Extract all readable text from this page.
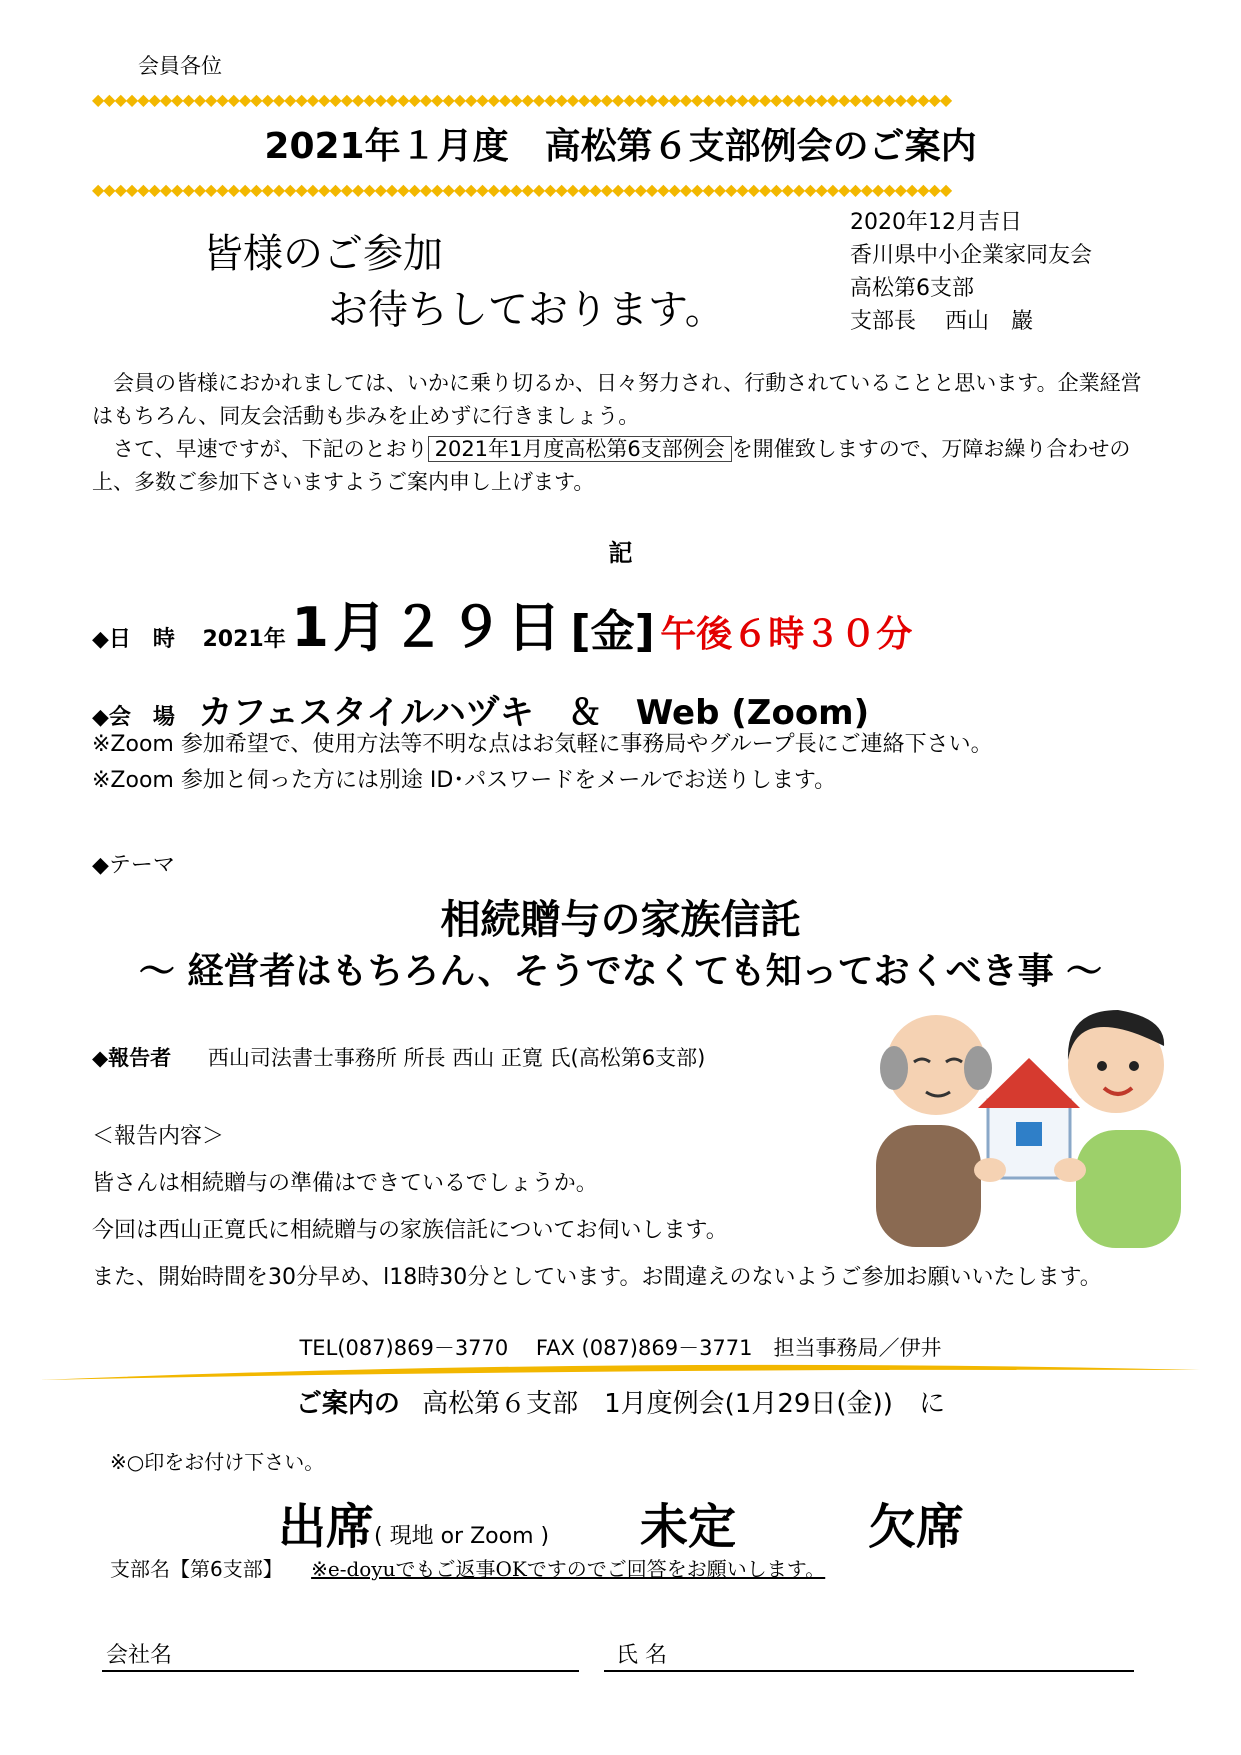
会員各位
◆◆◆◆◆◆◆◆◆◆◆◆◆◆◆◆◆◆◆◆◆◆◆◆◆◆◆◆◆◆◆◆◆◆◆◆◆◆◆◆◆◆◆◆◆◆◆◆◆◆◆◆◆◆◆◆◆◆◆◆◆◆◆◆◆◆◆◆◆◆◆◆◆◆◆◆
2021年１月度　高松第６支部例会のご案内
◆◆◆◆◆◆◆◆◆◆◆◆◆◆◆◆◆◆◆◆◆◆◆◆◆◆◆◆◆◆◆◆◆◆◆◆◆◆◆◆◆◆◆◆◆◆◆◆◆◆◆◆◆◆◆◆◆◆◆◆◆◆◆◆◆◆◆◆◆◆◆◆◆◆◆◆
皆様のご参加
お待ちしております。
2020年12月吉日
香川県中小企業家同友会
高松第6支部
支部長　 西山　巖
会員の皆様におかれましては、いかに乗り切るか、日々努力され、行動されていることと思います。企業経営はもちろん、同友会活動も歩みを止めずに行きましょう。
さて、早速ですが、下記のとおり 2021年1月度高松第6支部例会 を開催致しますので、万障お繰り合わせの上、多数ご参加下さいますようご案内申し上げます。
記
◆日　時 2021年 1月２９日 [金] 午後６時３０分
◆会　場 カフェスタイルハヅキ　＆　Web (Zoom)
※Zoom 参加希望で、使用方法等不明な点はお気軽に事務局やグループ長にご連絡下さい。
※Zoom 参加と伺った方には別途 ID･パスワードをメールでお送りします。
◆テーマ
相続贈与の家族信託
～ 経営者はもちろん、そうでなくても知っておくべき事 ～
◆報告者 西山司法書士事務所 所長 西山 正寛 氏(高松第6支部)
＜報告内容＞
皆さんは相続贈与の準備はできているでしょうか。
今回は西山正寛氏に相続贈与の家族信託についてお伺いします。
また、開始時間を30分早め、l18時30分としています。お間違えのないようご参加お願いいたします。
TEL(087)869－3770　 FAX (087)869－3771　担当事務局／伊井
ご案内の 高松第６支部　1月度例会(1月29日(金)) に
※○印をお付け下さい。
出席( 現地 or Zoom ) 未定	欠席
支部名【第6支部】 ※e-doyuでもご返事OKですのでご回答をお願いします。
会社名	氏 名
